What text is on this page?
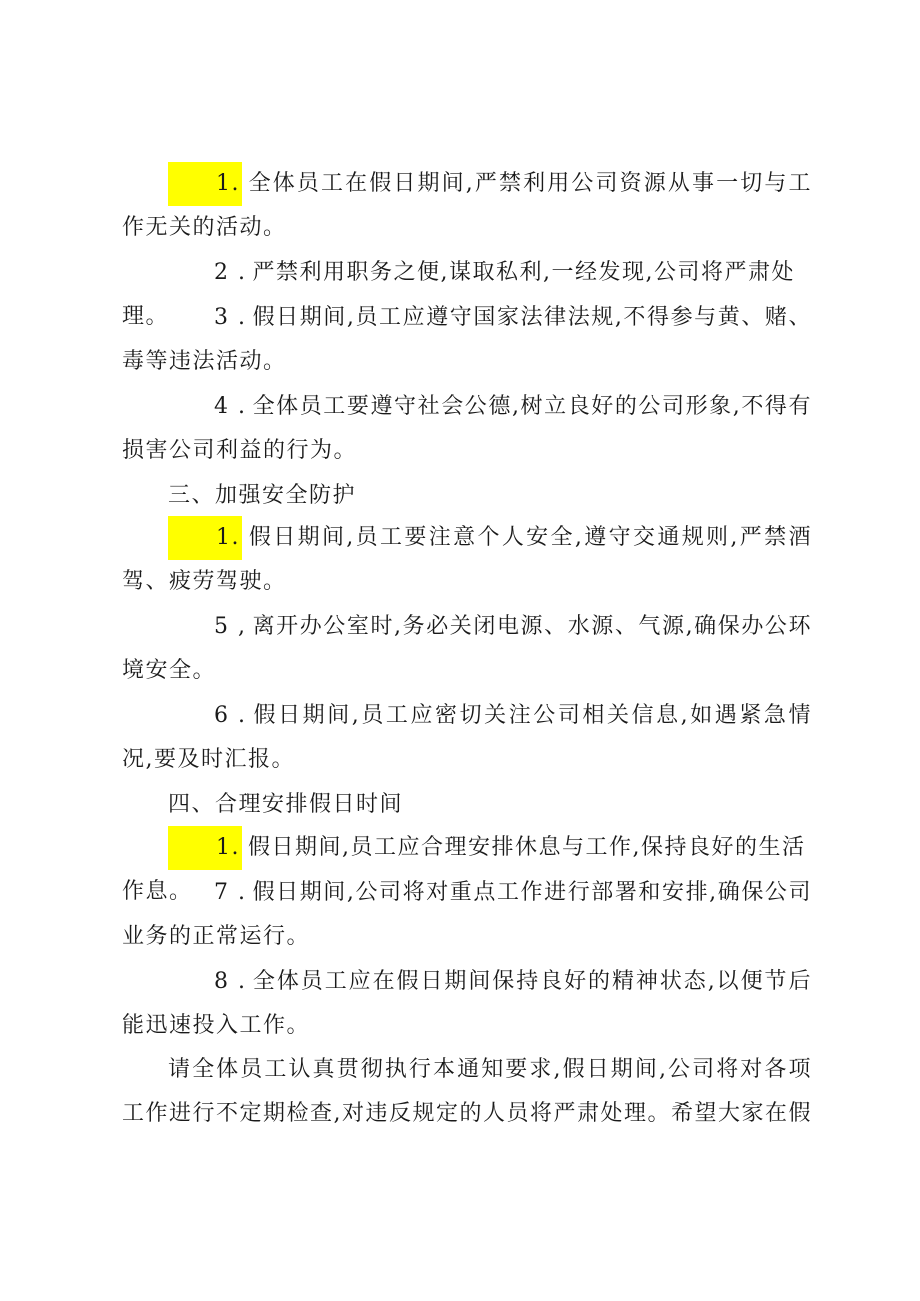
1. 全体员工在假日期间,严禁利用公司资源从事一切与工作无关的活动。
2 . 严禁利用职务之便,谋取私利,一经发现,公司将严肃处理。	3 . 假日期间,员工应遵守国家法律法规,不得参与黄、赌、毒等违法活动。
4 . 全体员工要遵守社会公德,树立良好的公司形象,不得有损害公司利益的行为。
三、加强安全防护
1. 假日期间,员工要注意个人安全,遵守交通规则,严禁酒驾、疲劳驾驶。
5 , 离开办公室时,务必关闭电源、水源、气源,确保办公环境安全。
6 . 假日期间,员工应密切关注公司相关信息,如遇紧急情况,要及时汇报。
四、合理安排假日时间
1. 假日期间,员工应合理安排休息与工作,保持良好的生活作息。 7 . 假日期间,公司将对重点工作进行部署和安排,确保公司业务的正常运行。
8 . 全体员工应在假日期间保持良好的精神状态,以便节后能迅速投入工作。
请全体员工认真贯彻执行本通知要求,假日期间,公司将对各项工作进行不定期检查,对违反规定的人员将严肃处理。希望大家在假
